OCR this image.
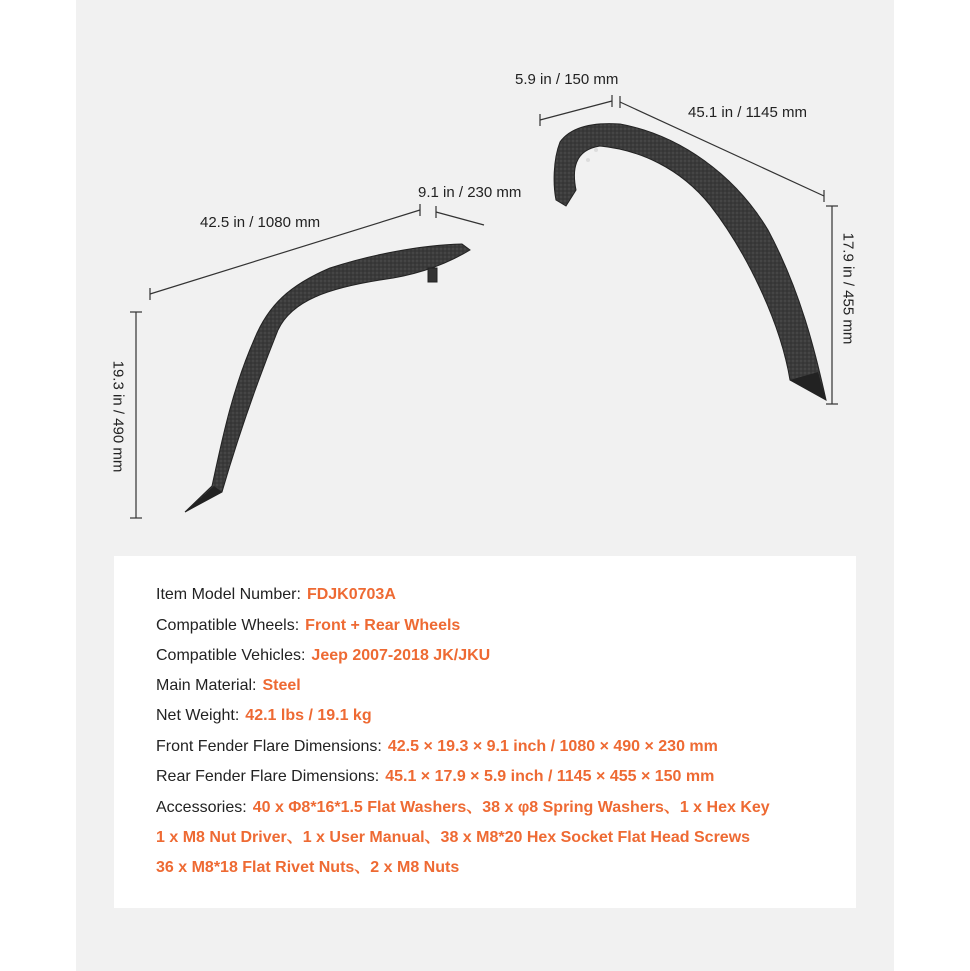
42.5 in / 1080 mm
9.1 in / 230 mm
19.3 in / 490 mm
5.9 in / 150 mm
45.1 in / 1145 mm
17.9 in / 455 mm
Item Model Number: FDJK0703A
Compatible Wheels: Front + Rear Wheels
Compatible Vehicles: Jeep 2007-2018 JK/JKU
Main Material: Steel
Net Weight: 42.1 lbs / 19.1 kg
Front Fender Flare Dimensions: 42.5 × 19.3 × 9.1 inch / 1080 × 490 × 230 mm
Rear Fender Flare Dimensions: 45.1 × 17.9 × 5.9 inch / 1145 × 455 × 150 mm
Accessories: 40 x Φ8*16*1.5 Flat Washers、38 x φ8 Spring Washers、1 x Hex Key
1 x M8 Nut Driver、1 x User Manual、38 x M8*20 Hex Socket Flat Head Screws
36 x M8*18 Flat Rivet Nuts、2 x M8 Nuts
